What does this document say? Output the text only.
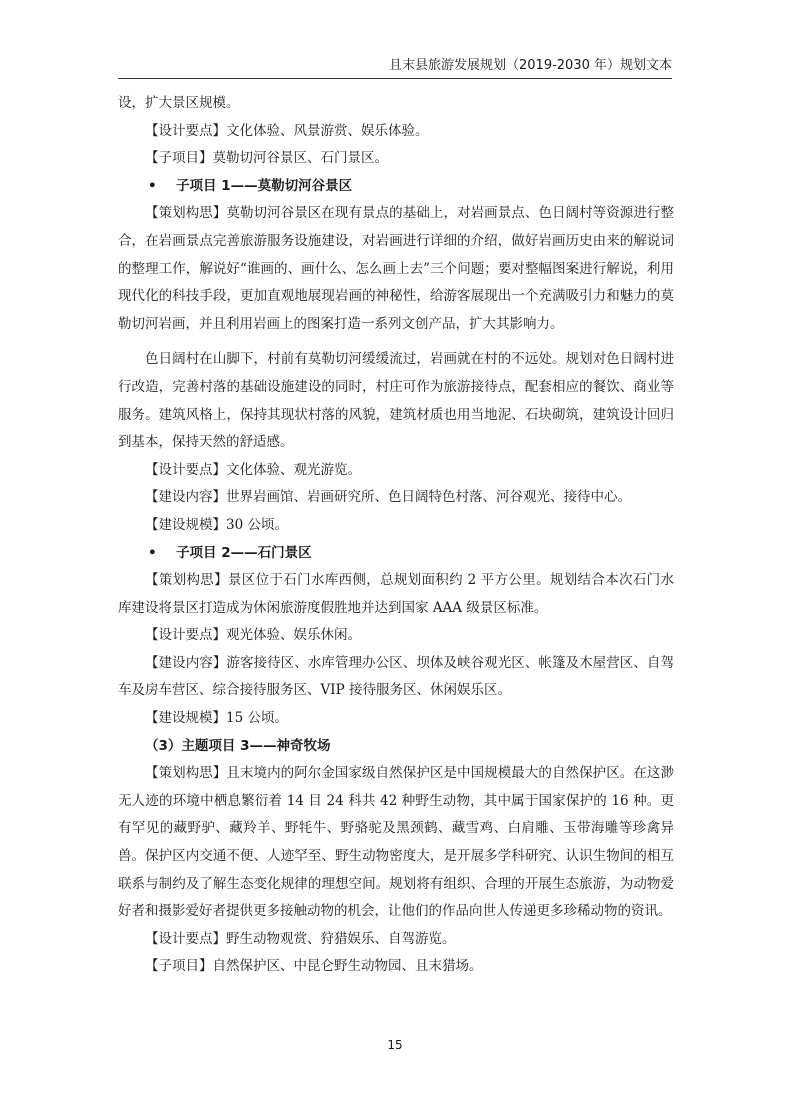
且末县旅游发展规划（2019-2030 年）规划文本

设，扩大景区规模。

【设计要点】文化体验、风景游赏、娱乐体验。

【子项目】莫勒切河谷景区、石门景区。

• 子项目 1——莫勒切河谷景区

【策划构思】莫勒切河谷景区在现有景点的基础上，对岩画景点、色日阔村等资源进行整合，在岩画景点完善旅游服务设施建设，对岩画进行详细的介绍，做好岩画历史由来的解说词的整理工作，解说好“谁画的、画什么、怎么画上去”三个问题；要对整幅图案进行解说，利用现代化的科技手段，更加直观地展现岩画的神秘性，给游客展现出一个充满吸引力和魅力的莫勒切河岩画，并且利用岩画上的图案打造一系列文创产品，扩大其影响力。

色日阔村在山脚下，村前有莫勒切河缓缓流过，岩画就在村的不远处。规划对色日阔村进行改造，完善村落的基础设施建设的同时，村庄可作为旅游接待点，配套相应的餐饮、商业等服务。建筑风格上，保持其现状村落的风貌，建筑材质也用当地泥、石块砌筑，建筑设计回归到基本，保持天然的舒适感。

【设计要点】文化体验、观光游览。

【建设内容】世界岩画馆、岩画研究所、色日阔特色村落、河谷观光、接待中心。

【建设规模】30 公顷。

• 子项目 2——石门景区

【策划构思】景区位于石门水库西侧，总规划面积约 2 平方公里。规划结合本次石门水库建设将景区打造成为休闲旅游度假胜地并达到国家 AAA 级景区标准。

【设计要点】观光体验、娱乐休闲。

【建设内容】游客接待区、水库管理办公区、坝体及峡谷观光区、帐篷及木屋营区、自驾车及房车营区、综合接待服务区、VIP 接待服务区、休闲娱乐区。

【建设规模】15 公顷。

（3）主题项目 3——神奇牧场

【策划构思】且末境内的阿尔金国家级自然保护区是中国规模最大的自然保护区。在这渺无人迹的环境中栖息繁衍着 14 目 24 科共 42 种野生动物，其中属于国家保护的 16 种。更有罕见的藏野驴、藏羚羊、野牦牛、野骆驼及黑颈鹤、藏雪鸡、白肩雕、玉带海雕等珍禽异兽。保护区内交通不便、人迹罕至、野生动物密度大，是开展多学科研究、认识生物间的相互联系与制约及了解生态变化规律的理想空间。规划将有组织、合理的开展生态旅游，为动物爱好者和摄影爱好者提供更多接触动物的机会，让他们的作品向世人传递更多珍稀动物的资讯。

【设计要点】野生动物观赏、狩猎娱乐、自驾游览。

【子项目】自然保护区、中昆仑野生动物园、且末猎场。

15
